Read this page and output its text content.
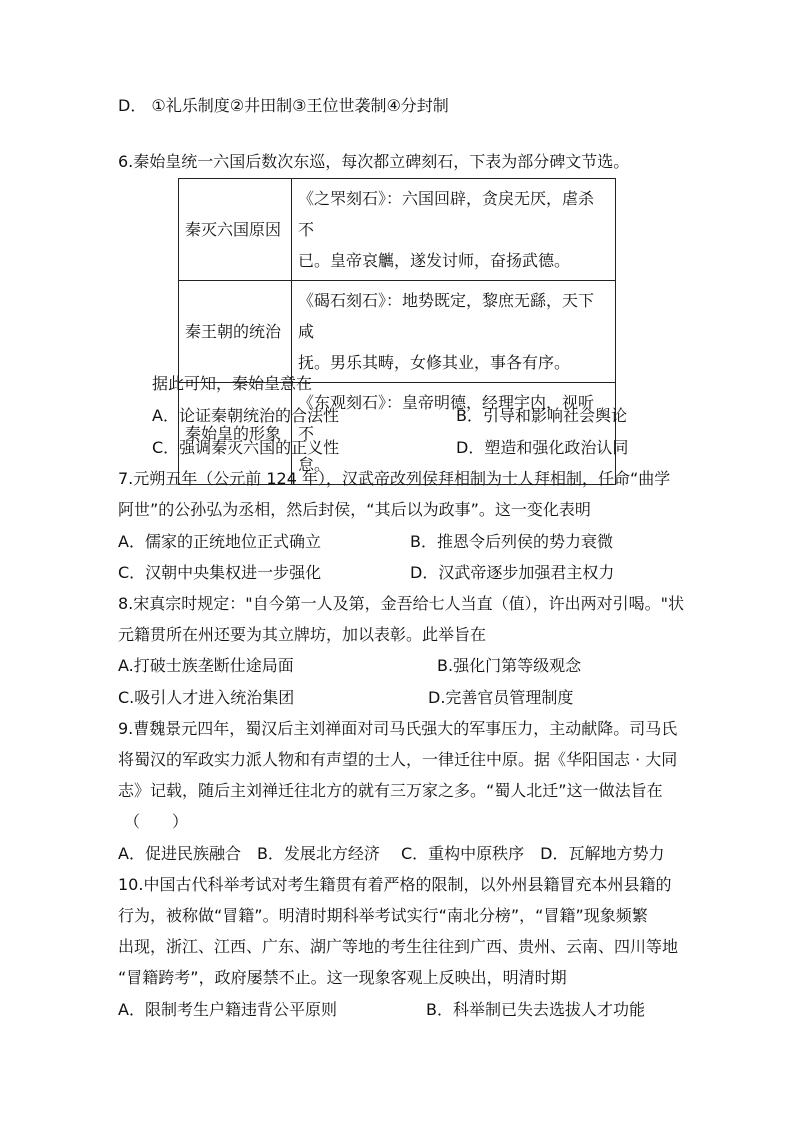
D． ①礼乐制度②井田制③王位世袭制④分封制
6.秦始皇统一六国后数次东巡，每次都立碑刻石，下表为部分碑文节选。
秦灭六国原因	《之罘刻石》：六国回辟，贪戾无厌，虐杀不
已。皇帝哀觽，遂发讨师，奋扬武德。

秦王朝的统治	《碣石刻石》：地势既定，黎庶无繇，天下咸
抚。男乐其畴，女修其业，事各有序。

秦始皇的形象	《东观刻石》：皇帝明德，经理宇内，视听不
怠。
据此可知，秦始皇意在
A．论证秦朝统治的合法性	B．引导和影响社会舆论
C．强调秦灭六国的正义性	D．塑造和强化政治认同
7.元朔五年（公元前 124 年），汉武帝改列侯拜相制为士人拜相制，任命“曲学
阿世”的公孙弘为丞相，然后封侯，“其后以为政事”。这一变化表明
A．儒家的正统地位正式确立	B．推恩令后列侯的势力衰微
C．汉朝中央集权进一步强化	D．汉武帝逐步加强君主权力
8.宋真宗时规定："自今第一人及第，金吾给七人当直（值），许出两对引喝。"状
元籍贯所在州还要为其立牌坊，加以表彰。此举旨在
A.打破士族垄断仕途局面	B.强化门第等级观念
C.吸引人才进入统治集团	D.完善官员管理制度
9.曹魏景元四年，蜀汉后主刘禅面对司马氏强大的军事压力，主动献降。司马氏
将蜀汉的军政实力派人物和有声望的士人，一律迁往中原。据《华阳国志 · 大同
志》记载，随后主刘禅迁往北方的就有三万家之多。“蜀人北迁”这一做法旨在
（　　）
A．促进民族融合　B．发展北方经济　 C．重构中原秩序　D．瓦解地方势力
10.中国古代科举考试对考生籍贯有着严格的限制，以外州县籍冒充本州县籍的
行为，被称做“冒籍”。明清时期科举考试实行“南北分榜”，“冒籍”现象频繁
出现，浙江、江西、广东、湖广等地的考生往往到广西、贵州、云南、四川等地
“冒籍跨考”，政府屡禁不止。这一现象客观上反映出，明清时期
A．限制考生户籍违背公平原则	B．科举制已失去选拔人才功能
